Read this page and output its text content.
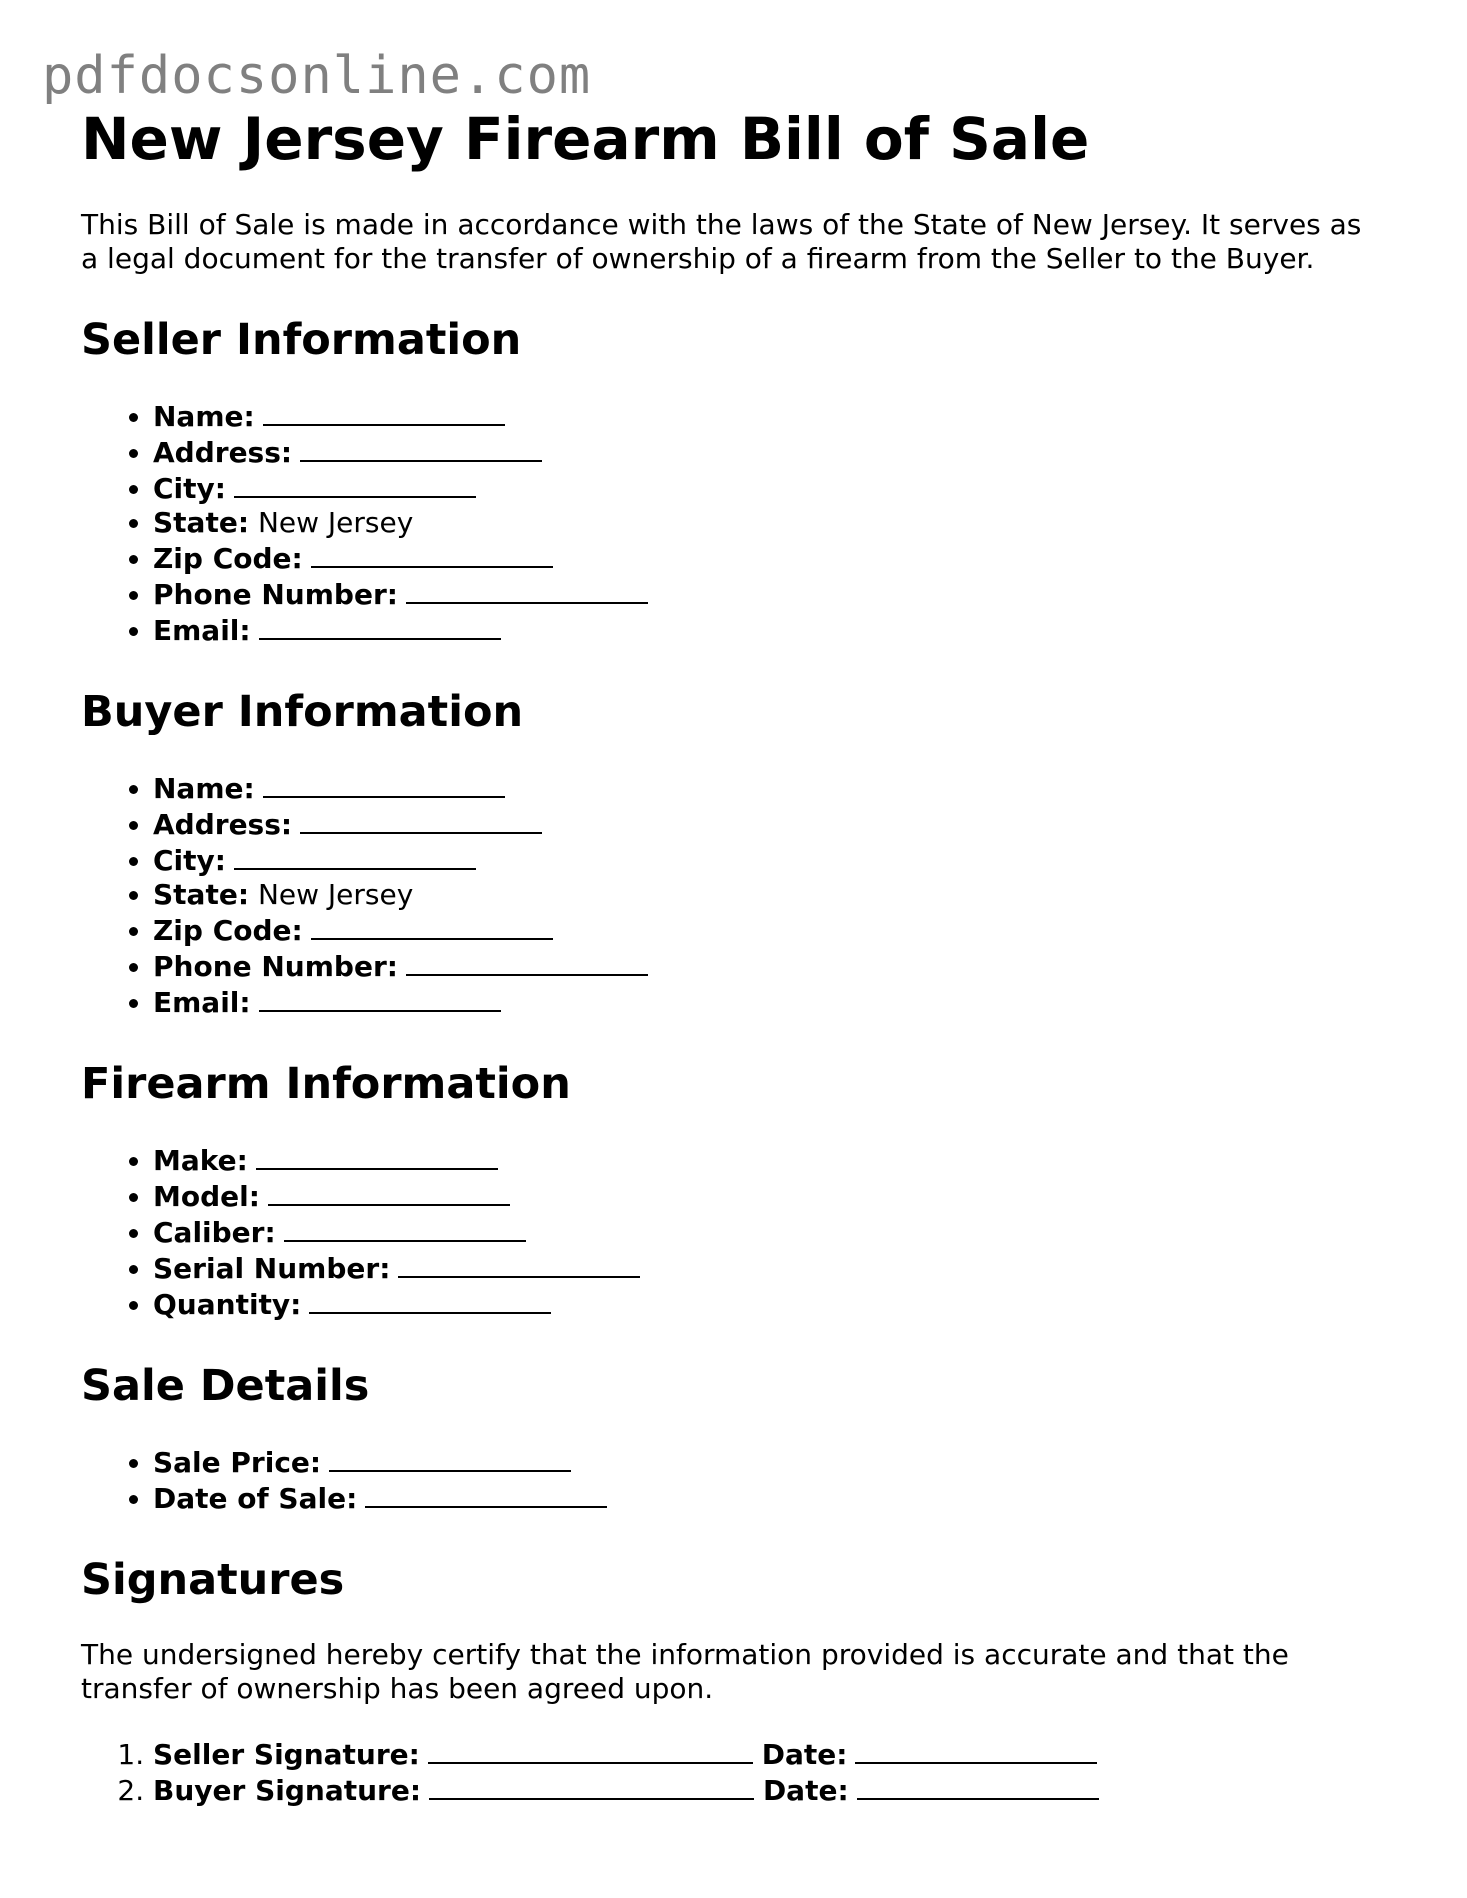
pdfdocsonline.com
New Jersey Firearm Bill of Sale

This Bill of Sale is made in accordance with the laws of the State of New Jersey. It serves as a legal document for the transfer of ownership of a firearm from the Seller to the Buyer.

Seller Information
• Name:
• Address:
• City:
• State: New Jersey
• Zip Code:
• Phone Number:
• Email:
Buyer Information
• Name:
• Address:
• City:
• State: New Jersey
• Zip Code:
• Phone Number:
• Email:
Firearm Information
• Make:
• Model:
• Caliber:
• Serial Number:
• Quantity:
Sale Details
• Sale Price:
• Date of Sale:
Signatures

The undersigned hereby certify that the information provided is accurate and that the transfer of ownership has been agreed upon.

1. Seller Signature:	Date:
2. Buyer Signature:	Date:
